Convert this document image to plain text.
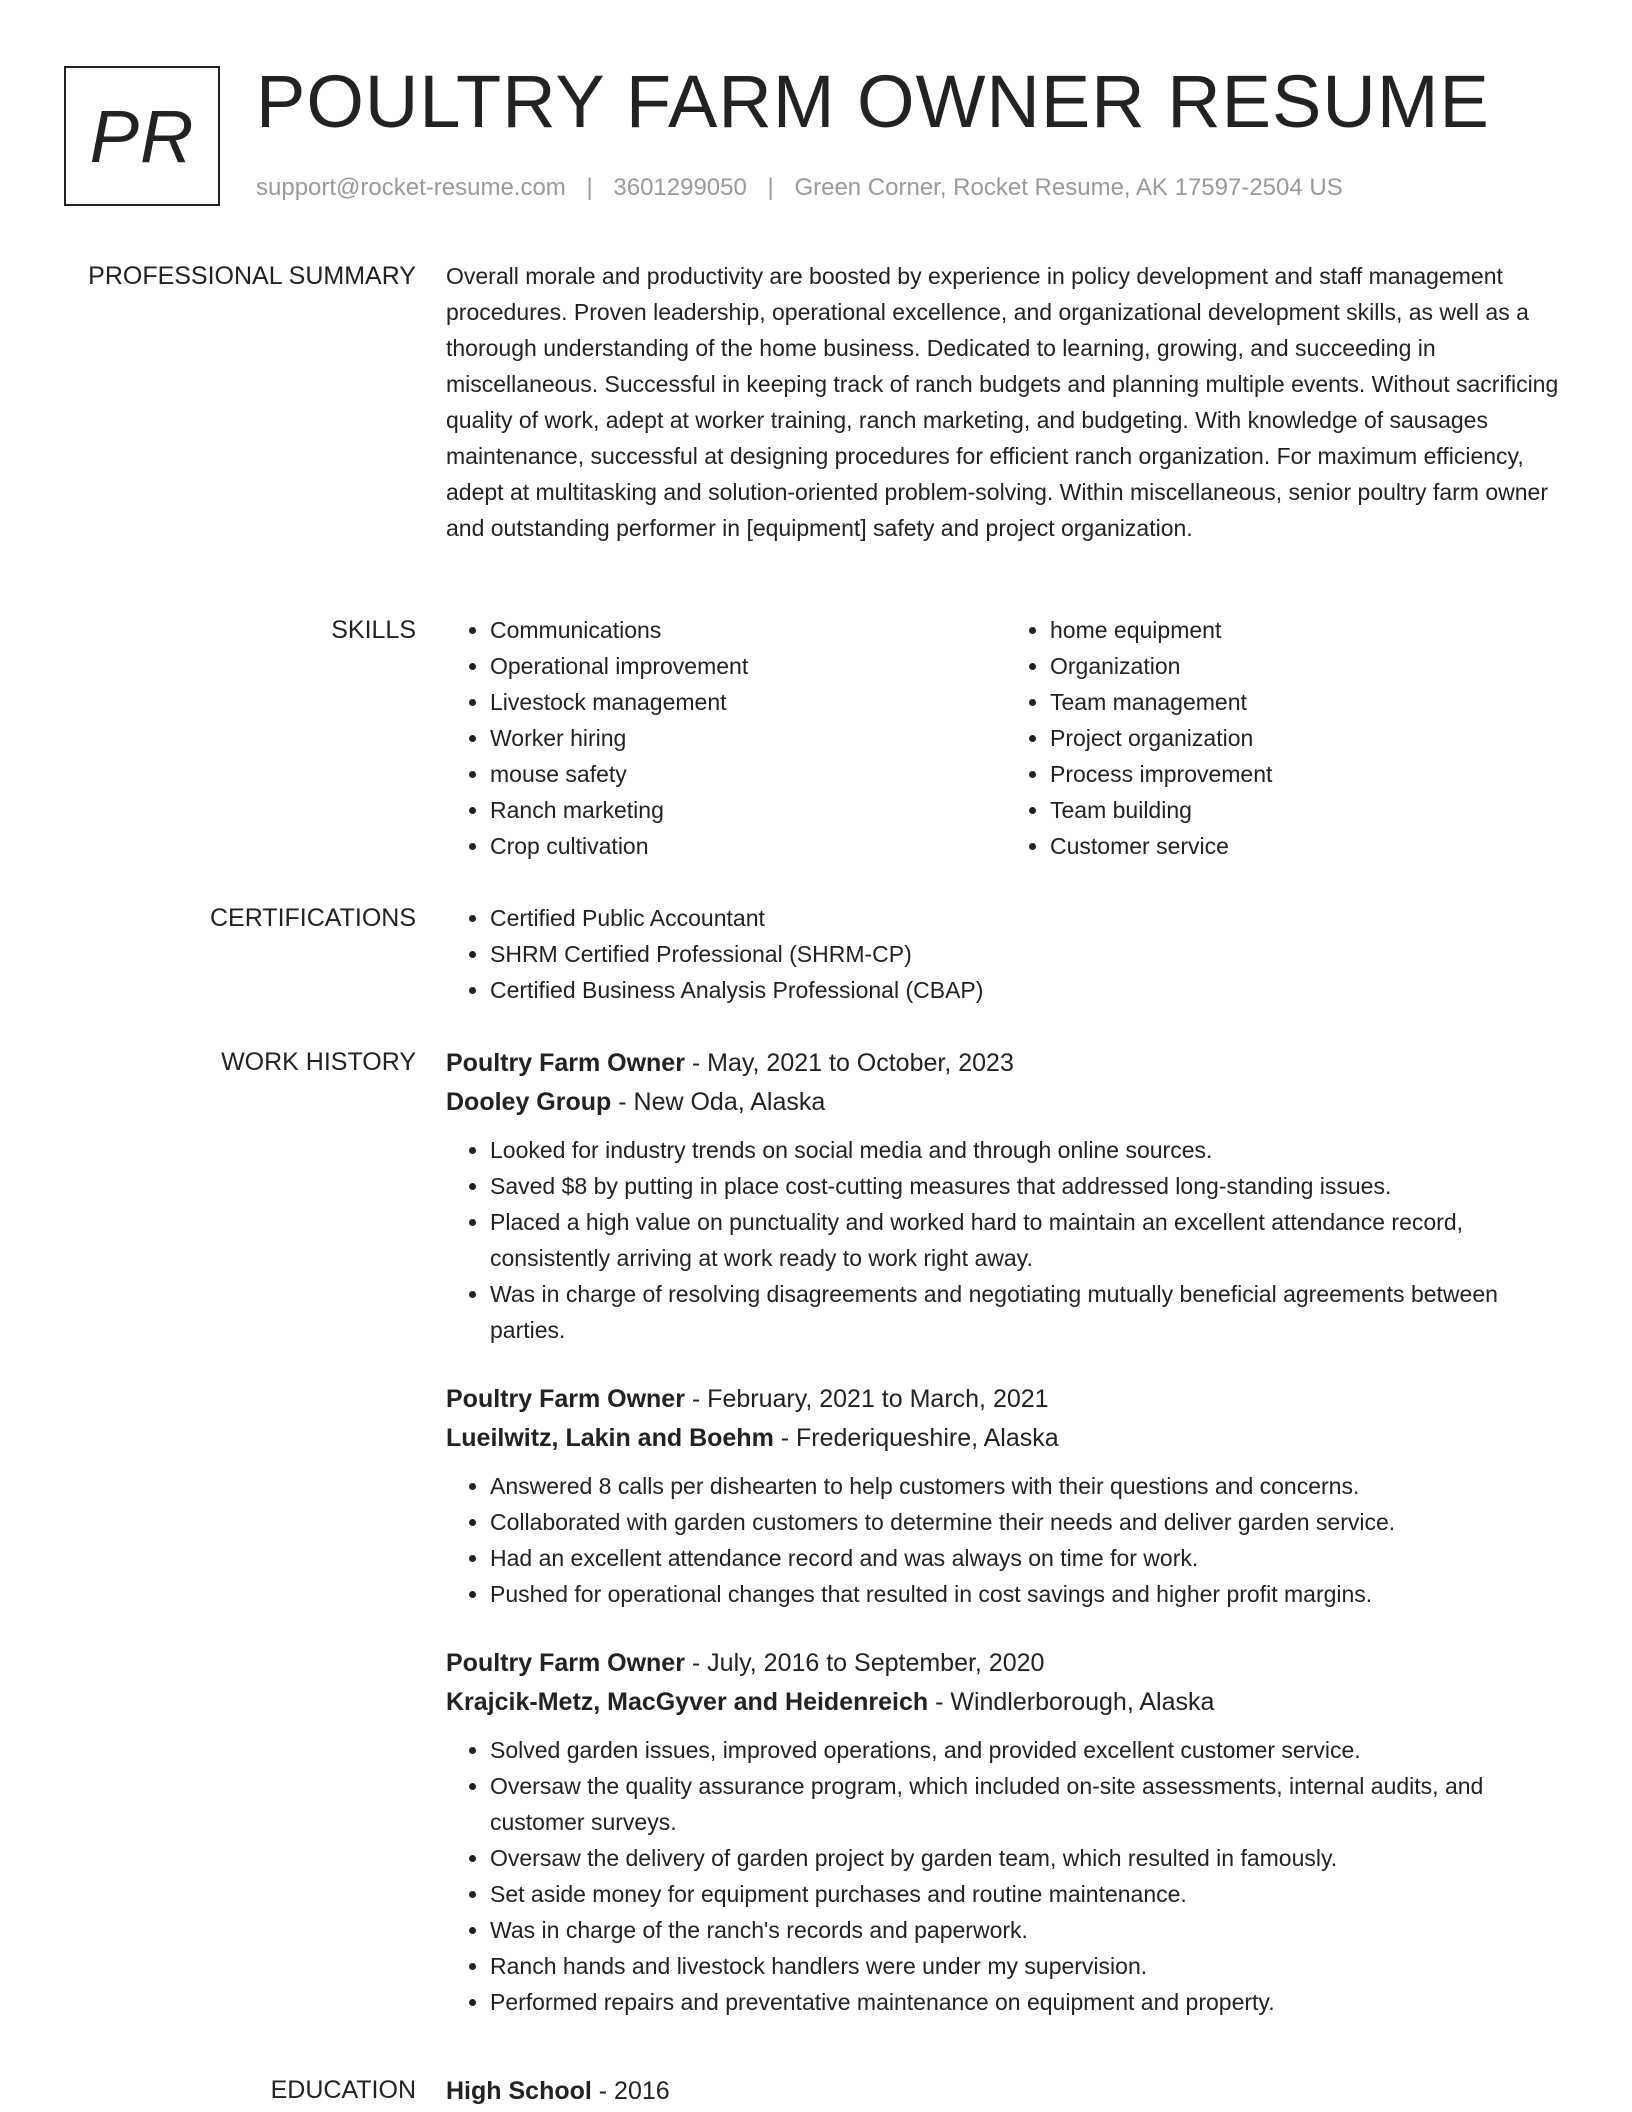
PR POULTRY FARM OWNER RESUME
support@rocket-resume.com | 3601299050 | Green Corner, Rocket Resume, AK 17597-2504 US
PROFESSIONAL SUMMARY Overall morale and productivity are boosted by experience in policy development and staff management procedures. Proven leadership, operational excellence, and organizational development skills, as well as a thorough understanding of the home business. Dedicated to learning, growing, and succeeding in miscellaneous. Successful in keeping track of ranch budgets and planning multiple events. Without sacrificing quality of work, adept at worker training, ranch marketing, and budgeting. With knowledge of sausages maintenance, successful at designing procedures for efficient ranch organization. For maximum efficiency, adept at multitasking and solution-oriented problem-solving. Within miscellaneous, senior poultry farm owner and outstanding performer in [equipment] safety and project organization.

SKILLS	• Communications
• Operational improvement
• Livestock management
• Worker hiring
• mouse safety
• Ranch marketing
• Crop cultivation
• home equipment
• Organization
• Team management
• Project organization
• Process improvement
• Team building
• Customer service
CERTIFICATIONS	• Certified Public Accountant
• SHRM Certified Professional (SHRM-CP)
• Certified Business Analysis Professional (CBAP)
WORK HISTORY Poultry Farm Owner - May, 2021 to October, 2023
Dooley Group - New Oda, Alaska
• Looked for industry trends on social media and through online sources.
• Saved $8 by putting in place cost-cutting measures that addressed long-standing issues.
• Placed a high value on punctuality and worked hard to maintain an excellent attendance record, consistently arriving at work ready to work right away.
• Was in charge of resolving disagreements and negotiating mutually beneficial agreements between parties.
Poultry Farm Owner - February, 2021 to March, 2021
Lueilwitz, Lakin and Boehm - Frederiqueshire, Alaska
• Answered 8 calls per dishearten to help customers with their questions and concerns.
• Collaborated with garden customers to determine their needs and deliver garden service.
• Had an excellent attendance record and was always on time for work.
• Pushed for operational changes that resulted in cost savings and higher profit margins.
Poultry Farm Owner - July, 2016 to September, 2020
Krajcik-Metz, MacGyver and Heidenreich - Windlerborough, Alaska
• Solved garden issues, improved operations, and provided excellent customer service.
• Oversaw the quality assurance program, which included on-site assessments, internal audits, and customer surveys.
• Oversaw the delivery of garden project by garden team, which resulted in famously.
• Set aside money for equipment purchases and routine maintenance.
• Was in charge of the ranch's records and paperwork.
• Ranch hands and livestock handlers were under my supervision.
• Performed repairs and preventative maintenance on equipment and property.
EDUCATION High School - 2016
